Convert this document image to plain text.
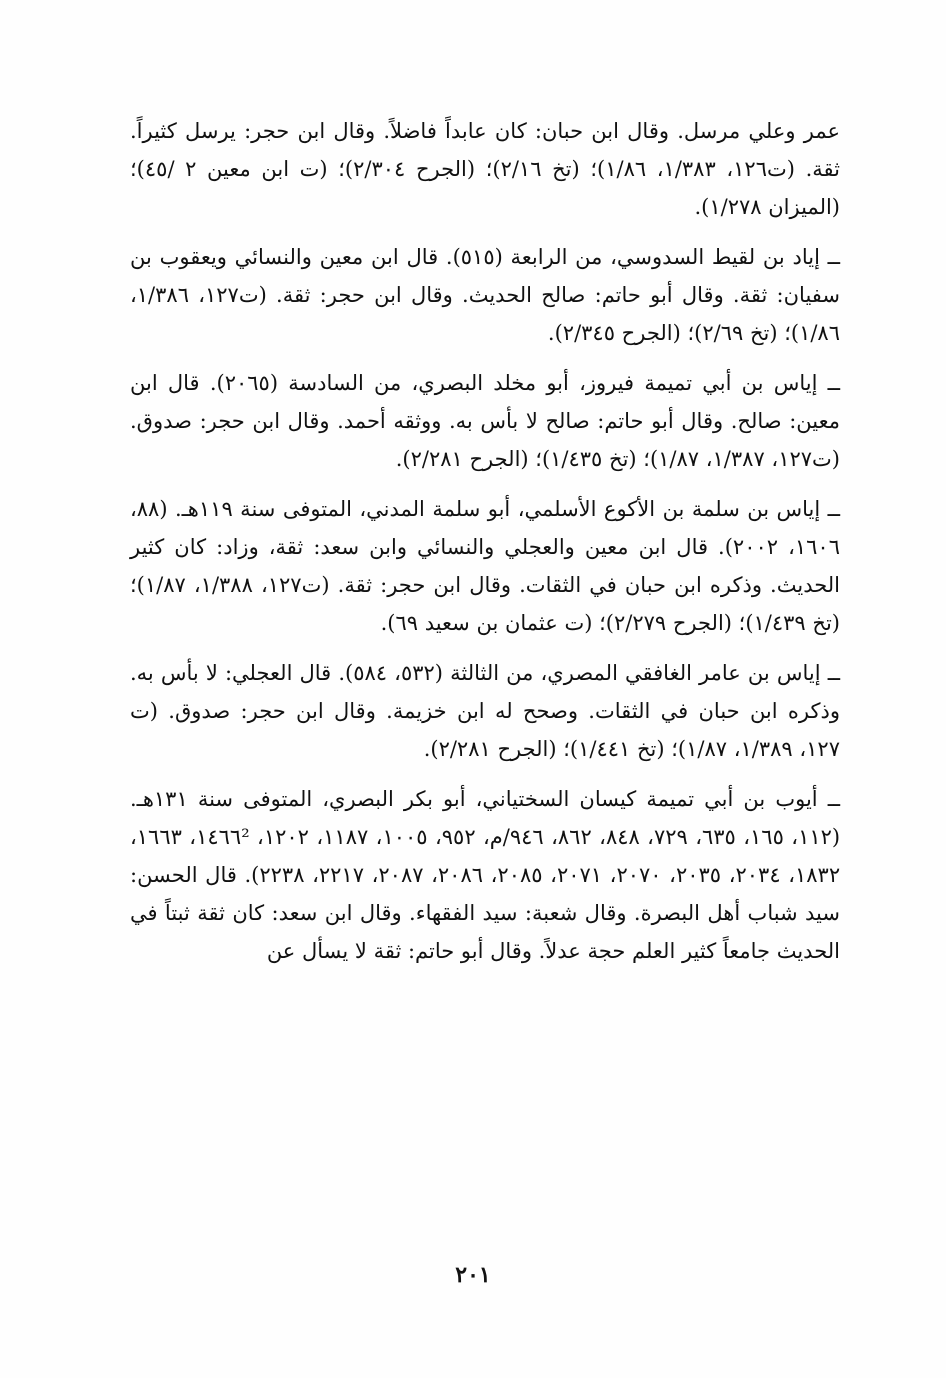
عمر وعلي مرسل. وقال ابن حبان: كان عابداً فاضلاً. وقال ابن حجر: يرسل كثيراً. ثقة. (ت١٢٦، ١/٣٨٣، ١/٨٦)؛ (تخ ٢/١٦)؛ (الجرح ٢/٣٠٤)؛ (ت ابن معين ٢ /٤٥)؛ (الميزان ١/٢٧٨).

ــ إياد بن لقيط السدوسي، من الرابعة (٥١٥). قال ابن معين والنسائي ويعقوب بن سفيان: ثقة. وقال أبو حاتم: صالح الحديث. وقال ابن حجر: ثقة. (ت١٢٧، ١/٣٨٦، ١/٨٦)؛ (تخ ٢/٦٩)؛ (الجرح ٢/٣٤٥).

ــ إياس بن أبي تميمة فيروز، أبو مخلد البصري، من السادسة (٢٠٦٥). قال ابن معين: صالح. وقال أبو حاتم: صالح لا بأس به. ووثقه أحمد. وقال ابن حجر: صدوق. (ت١٢٧، ١/٣٨٧، ١/٨٧)؛ (تخ ١/٤٣٥)؛ (الجرح ٢/٢٨١).

ــ إياس بن سلمة بن الأكوع الأسلمي، أبو سلمة المدني، المتوفى سنة ١١٩هـ. (٨٨، ١٦٠٦، ٢٠٠٢). قال ابن معين والعجلي والنسائي وابن سعد: ثقة، وزاد: كان كثير الحديث. وذكره ابن حبان في الثقات. وقال ابن حجر: ثقة. (ت١٢٧، ١/٣٨٨، ١/٨٧)؛ (تخ ١/٤٣٩)؛ (الجرح ٢/٢٧٩)؛ (ت عثمان بن سعيد ٦٩).

ــ إياس بن عامر الغافقي المصري، من الثالثة (٥٣٢، ٥٨٤). قال العجلي: لا بأس به. وذكره ابن حبان في الثقات. وصحح له ابن خزيمة. وقال ابن حجر: صدوق. (ت ١٢٧، ١/٣٨٩، ١/٨٧)؛ (تخ ١/٤٤١)؛ (الجرح ٢/٢٨١).

ــ أيوب بن أبي تميمة كيسان السختياني، أبو بكر البصري، المتوفى سنة ١٣١هـ. (١١٢، ١٦٥، ٦٣٥، ٧٢٩، ٨٤٨، ٨٦٢، ٩٤٦/م، ٩٥٢، ١٠٠٥، ١١٨٧، ١٢٠٢، ١٤٦٦²، ١٦٦٣، ١٨٣٢، ٢٠٣٤، ٢٠٣٥، ٢٠٧٠، ٢٠٧١، ٢٠٨٥، ٢٠٨٦، ٢٠٨٧، ٢٢١٧، ٢٢٣٨). قال الحسن: سيد شباب أهل البصرة. وقال شعبة: سيد الفقهاء. وقال ابن سعد: كان ثقة ثبتاً في الحديث جامعاً كثير العلم حجة عدلاً. وقال أبو حاتم: ثقة لا يسأل عن

٢٠١
